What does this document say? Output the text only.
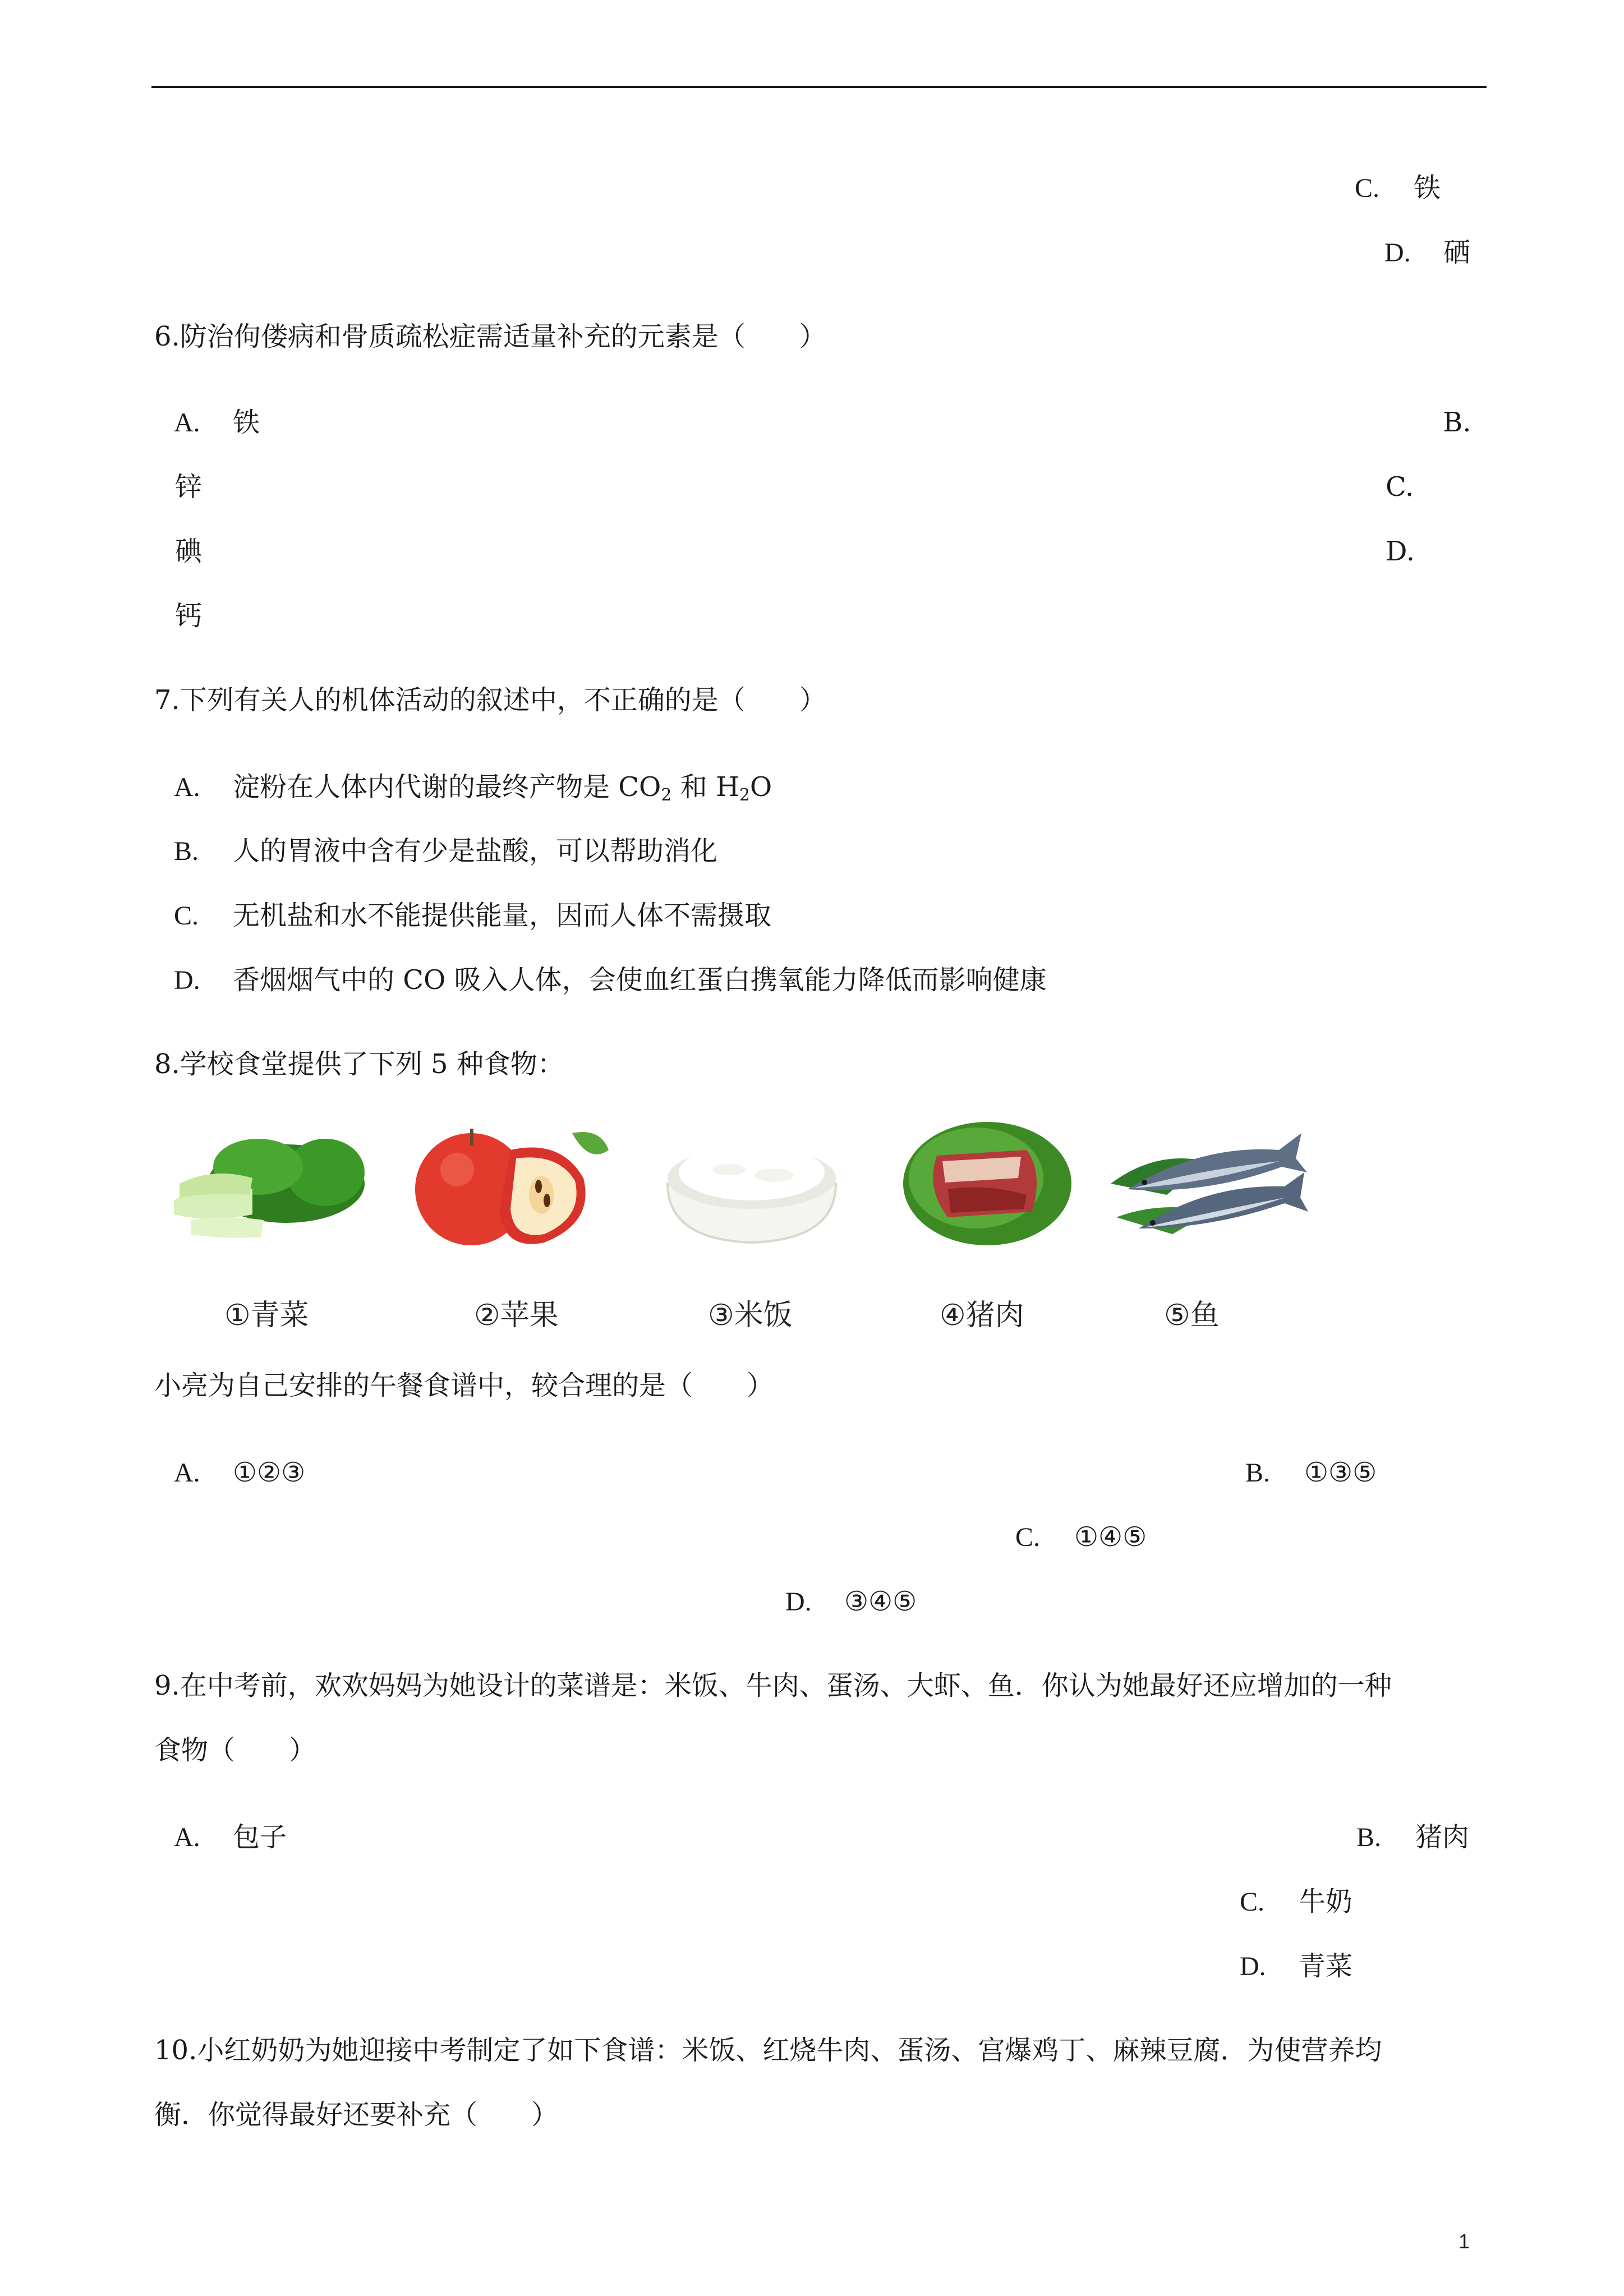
C. 铁
D. 硒
6.防治佝偻病和骨质疏松症需适量补充的元素是（　　）
A. 铁	B.
锌	C.
碘	D.
钙
7.下列有关人的机体活动的叙述中，不正确的是（　　）
A. 淀粉在人体内代谢的最终产物是 $CO_2$ 和 $H_2O$
B. 人的胃液中含有少是盐酸，可以帮助消化
C. 无机盐和水不能提供能量，因而人体不需摄取
D. 香烟烟气中的 CO 吸入人体，会使血红蛋白携氧能力降低而影响健康
8.学校食堂提供了下列 5 种食物：
①青菜	②苹果	③米饭	④猪肉	⑤鱼
小亮为自己安排的午餐食谱中，较合理的是（　　）
A. ①②③	B. ①③⑤
C. ①④⑤
D. ③④⑤
9.在中考前，欢欢妈妈为她设计的菜谱是：米饭、牛肉、蛋汤、大虾、鱼．你认为她最好还应增加的一种
食物（　　）
A. 包子	B. 猪肉
C. 牛奶
D. 青菜
10.小红奶奶为她迎接中考制定了如下食谱：米饭、红烧牛肉、蛋汤、宫爆鸡丁、麻辣豆腐．为使营养均
衡．你觉得最好还要补充（　　）
1
